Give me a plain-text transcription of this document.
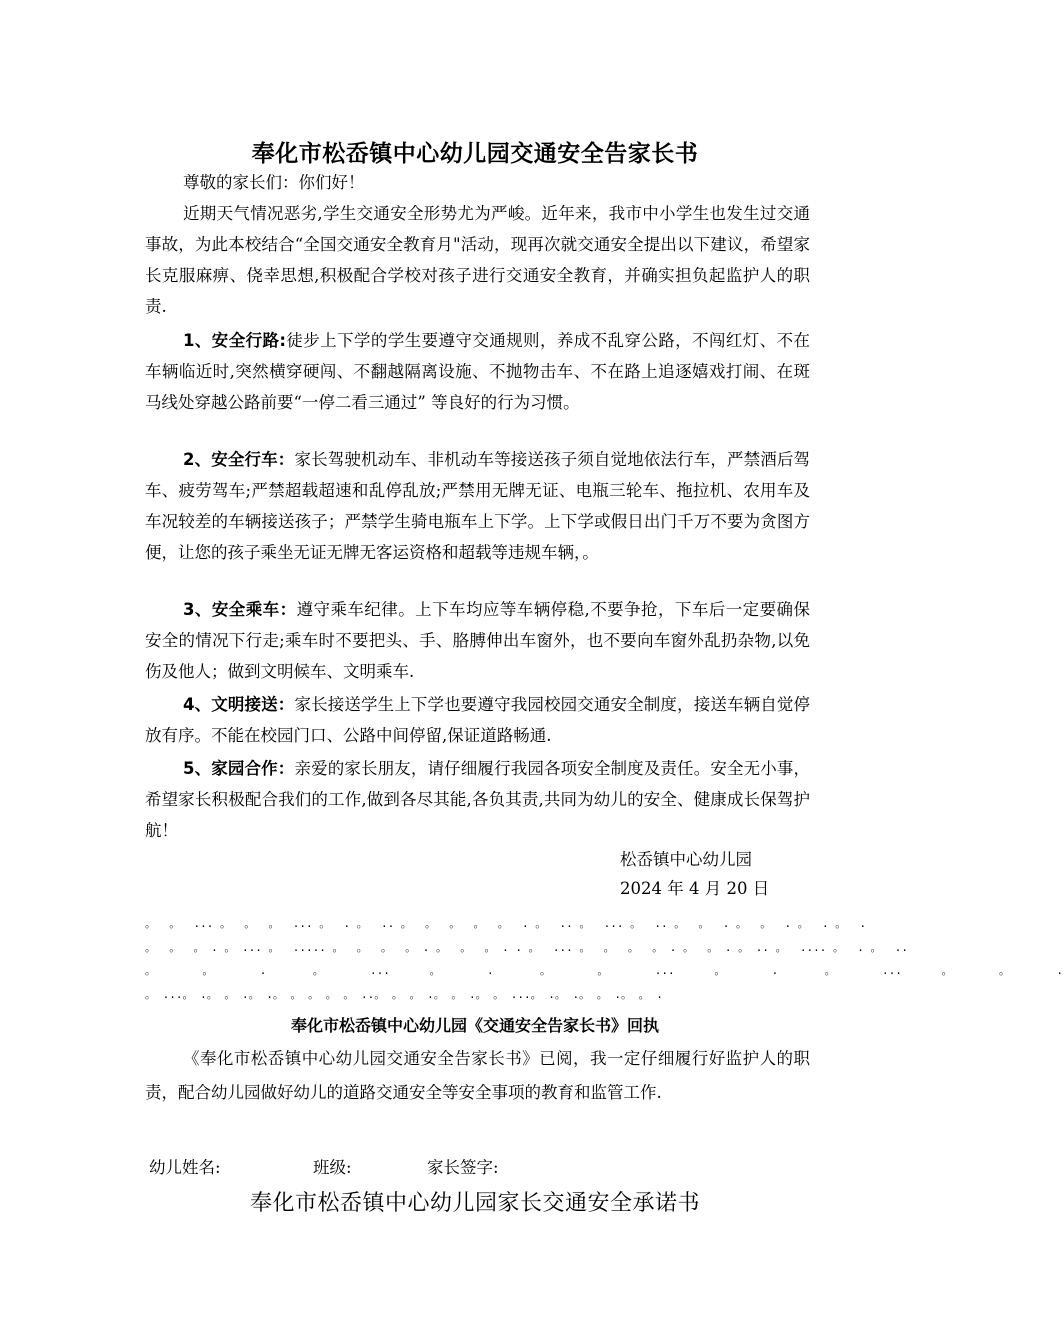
奉化市松岙镇中心幼儿园交通安全告家长书
尊敬的家长们：你们好！
近期天气情况恶劣,学生交通安全形势尤为严峻。近年来，我市中小学生也发生过交通事故，为此本校结合“全国交通安全教育月"活动，现再次就交通安全提出以下建议，希望家长克服麻痹、侥幸思想,积极配合学校对孩子进行交通安全教育，并确实担负起监护人的职责.
1、安全行路:徒步上下学的学生要遵守交通规则，养成不乱穿公路，不闯红灯、不在车辆临近时,突然横穿硬闯、不翻越隔离设施、不抛物击车、不在路上追逐嬉戏打闹、在斑马线处穿越公路前要“一停二看三通过” 等良好的行为习惯。
2、安全行车：家长驾驶机动车、非机动车等接送孩子须自觉地依法行车，严禁酒后驾车、疲劳驾车;严禁超载超速和乱停乱放;严禁用无牌无证、电瓶三轮车、拖拉机、农用车及车况较差的车辆接送孩子；严禁学生骑电瓶车上下学。上下学或假日出门千万不要为贪图方便，让您的孩子乘坐无证无牌无客运资格和超载等违规车辆，。
3、安全乘车：遵守乘车纪律。上下车均应等车辆停稳,不要争抢，下车后一定要确保安全的情况下行走;乘车时不要把头、手、胳膊伸出车窗外，也不要向车窗外乱扔杂物,以免伤及他人；做到文明候车、文明乘车.
4、文明接送：家长接送学生上下学也要遵守我园校园交通安全制度，接送车辆自觉停放有序。不能在校园门口、公路中间停留,保证道路畅通.
5、家园合作：亲爱的家长朋友，请仔细履行我园各项安全制度及责任。安全无小事，希望家长积极配合我们的工作,做到各尽其能,各负其责,共同为幼儿的安全、健康成长保驾护航！
松岙镇中心幼儿园
2024 年 4 月 20 日
。  。  ... 。  。  。  ... 。  . 。  .. 。  。  。  。  。  . 。  .. 。  ... 。  .. 。  。  . 。  。  . 。  . 。  .
。  。  。 . 。 ... 。  ..... 。  。  。  。 . 。  。  。 . . 。  ... 。  。  。  。 . 。  。 . 。 .. 。  .... 。  . 。  ..
。       。       .       。       ...      。       .       。       。       ...      。       .       。       ...      。       。       .
。 ...。 .。 。 .。 .。 。 。 。 。 ..。 。 。 .。 。 .。 。 ...。 .。 .。 。 .。 。 .
奉化市松岙镇中心幼儿园《交通安全告家长书》回执
《奉化市松岙镇中心幼儿园交通安全告家长书》已阅，我一定仔细履行好监护人的职责，配合幼儿园做好幼儿的道路交通安全等安全事项的教育和监管工作.
幼儿姓名:	班级:	家长签字:
奉化市松岙镇中心幼儿园家长交通安全承诺书
